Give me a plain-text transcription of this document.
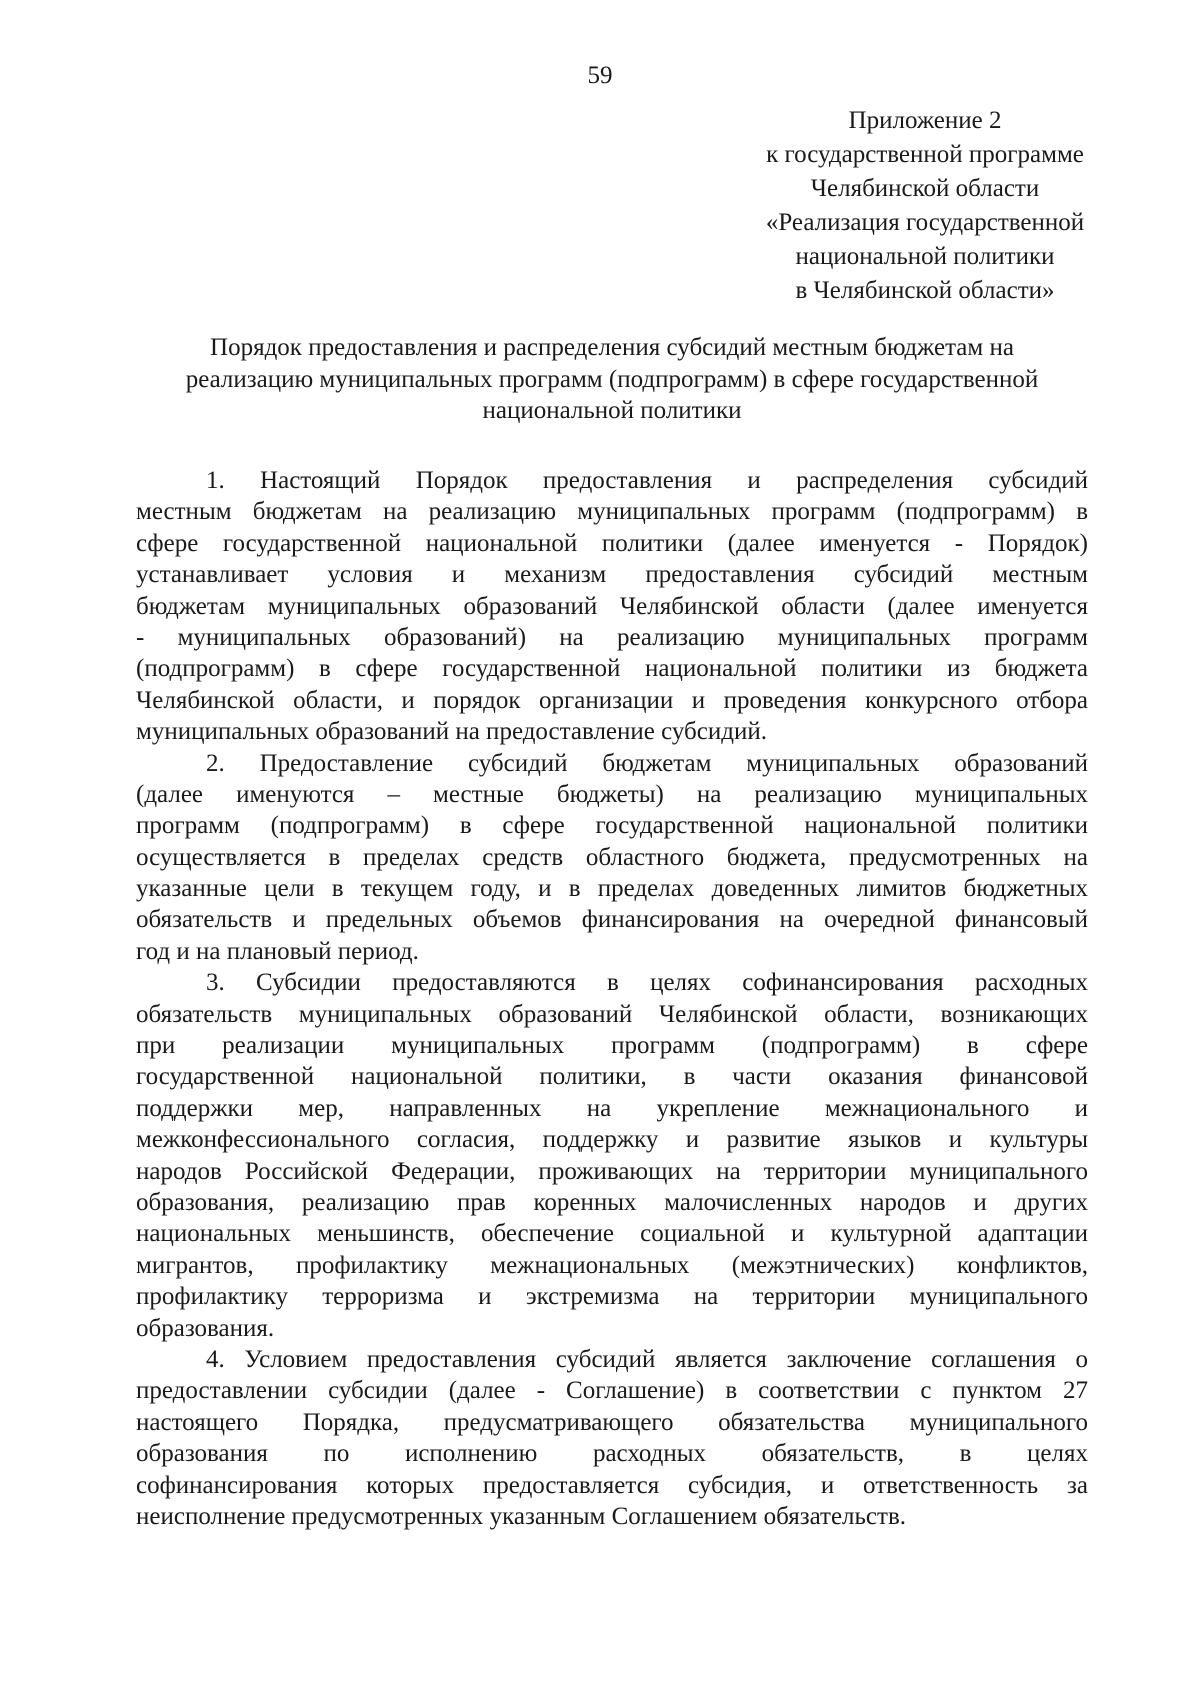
59
Приложение 2
к государственной программе
Челябинской области
«Реализация государственной
национальной политики
в Челябинской области»
Порядок предоставления и распределения субсидий местным бюджетам на
реализацию муниципальных программ (подпрограмм) в сфере государственной
национальной политики
1. Настоящий Порядок предоставления и распределения субсидий
местным бюджетам на реализацию муниципальных программ (подпрограмм) в
сфере государственной национальной политики (далее именуется - Порядок)
устанавливает условия и механизм предоставления субсидий местным
бюджетам муниципальных образований Челябинской области (далее именуется
- муниципальных образований) на реализацию муниципальных программ
(подпрограмм) в сфере государственной национальной политики из бюджета
Челябинской области, и порядок организации и проведения конкурсного отбора
муниципальных образований на предоставление субсидий.
2. Предоставление субсидий бюджетам муниципальных образований
(далее именуются – местные бюджеты) на реализацию муниципальных
программ (подпрограмм) в сфере государственной национальной политики
осуществляется в пределах средств областного бюджета, предусмотренных на
указанные цели в текущем году, и в пределах доведенных лимитов бюджетных
обязательств и предельных объемов финансирования на очередной финансовый
год и на плановый период.
3. Субсидии предоставляются в целях софинансирования расходных
обязательств муниципальных образований Челябинской области, возникающих
при реализации муниципальных программ (подпрограмм) в сфере
государственной национальной политики, в части оказания финансовой
поддержки мер, направленных на укрепление межнационального и
межконфессионального согласия, поддержку и развитие языков и культуры
народов Российской Федерации, проживающих на территории муниципального
образования, реализацию прав коренных малочисленных народов и других
национальных меньшинств, обеспечение социальной и культурной адаптации
мигрантов, профилактику межнациональных (межэтнических) конфликтов,
профилактику терроризма и экстремизма на территории муниципального
образования.
4. Условием предоставления субсидий является заключение соглашения о
предоставлении субсидии (далее - Соглашение) в соответствии с пунктом 27
настоящего Порядка, предусматривающего обязательства муниципального
образования по исполнению расходных обязательств, в целях
софинансирования которых предоставляется субсидия, и ответственность за
неисполнение предусмотренных указанным Соглашением обязательств.
